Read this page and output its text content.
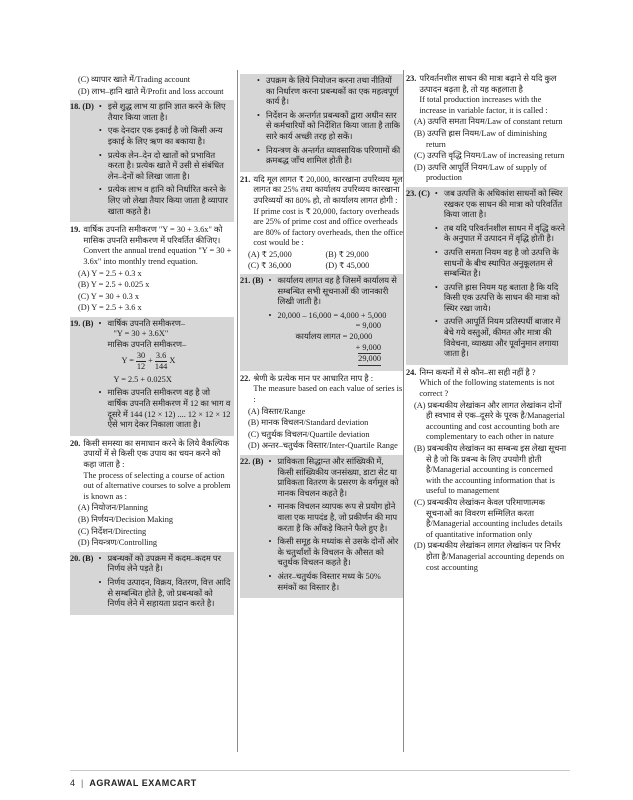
(C) व्यापार खाते में/Trading account
(D) लाभ–हानि खाते में/Profit and loss account
18. (D) • इसे शुद्ध लाभ या हानि ज्ञात करने के लिए तैयार किया जाता है।
• एक देनदार एक इकाई है जो किसी अन्य इकाई के लिए ऋण का बकाया है।
• प्रत्येक लेन–देन दो खातों को प्रभावित करता है। प्रत्येक खाते में उसी से संबंधित लेन–देनों को लिखा जाता है।
• प्रत्येक लाभ व हानि को निर्धारित करने के लिए जो लेखा तैयार किया जाता है व्यापार खाता कहते है।
19. वार्षिक उपनति समीकरण "Y = 30 + 3.6x" को मासिक उपनति समीकरण में परिवर्तित कीजिए।
Convert the annual trend equation "Y = 30 + 3.6x" into monthly trend equation.
(A) Y = 2.5 + 0.3 x
(B) Y = 2.5 + 0.025 x
(C) Y = 30 + 0.3 x
(D) Y = 2.5 + 3.6 x
19. (B) • वार्षिक उपनति समीकरण–
"Y = 30 + 3.6X"
मासिक उपनति समीकरण–
$Y = \frac{30}{12} + \frac{3.6}{144}$ X
Y = 2.5 + 0.025X
• मासिक उपनति समीकरण वह है जो वार्षिक उपनति समीकरण में 12 का भाग व दूसरे में 144 (12 × 12) .... 12 × 12 × 12 ऐसे भाग देकर निकाला जाता है।
20. किसी समस्या का समाधान करने के लिये वैकल्पिक उपायों में से किसी एक उपाय का चयन करने को कहा जाता है :
The process of selecting a course of action out of alternative courses to solve a problem is known as :
(A) नियोजन/Planning
(B) निर्णयन/Decision Making
(C) निर्देशन/Directing
(D) नियन्त्रण/Controlling
20. (B) • प्रबन्धकों को उपक्रम में कदम–कदम पर निर्णय लेने पड़ते है।
• निर्णय उत्पादन, विक्रय, वितरण, वित्त आदि से सम्बन्धित होते है, जो प्रबन्धकों को निर्णय लेने में सहायता प्रदान करते है।
• उपक्रम के लिये नियोजन करना तथा नीतियों का निर्धारण करना प्रबन्धकों का एक महत्वपूर्ण कार्य है।
• निर्देशन के अन्तर्गत प्रबन्धकों द्वारा अधीन स्तर से कर्मचारियों को निर्देशित किया जाता है ताकि सारे कार्य अच्छी तरह हो सकें।
• नियन्त्रण के अन्तर्गत व्यावसायिक परिणामों की क्रमबद्ध जाँच शामिल होती है।
21. यदि मूल लागत ₹ 20,000, कारखाना उपरिव्यय मूल लागत का 25% तथा कार्यालय उपरिव्यय कारखाना उपरिव्ययों का 80% हो, तो कार्यालय लागत होगी :
If prime cost is ₹ 20,000, factory overheads are 25% of prime cost and office overheads are 80% of factory overheads, then the office cost would be :
(A) ₹ 25,000	(B) ₹ 29,000
(C) ₹ 36,000	(D) ₹ 45,000
21. (B) • कार्यालय लागत वह है जिसमें कार्यालय से सम्बन्धित सभी सूचनाओं की जानकारी लिखी जाती है।
• 20,000 – 16,000 = 4,000 + 5,000
= 9,000
कार्यालय लागत = 20,000
+ 9,000
29,000
22. श्रेणी के प्रत्येक मान पर आधारित माप है :
The measure based on each value of series is :
(A) विस्तार/Range
(B) मानक विचलन/Standard deviation
(C) चतुर्थक विचलन/Quartile deviation
(D) अन्तर–चतुर्थक विस्तार/Inter-Quartile Range
22. (B) • प्राविकता सिद्धान्त और सांख्यिकी में, किसी सांख्यिकीय जनसंख्या, डाटा सेट या प्राविकता वितरण के प्रसरण के वर्गमूल को मानक विचलन कहते है।
• मानक विचलन व्यापक रूप से प्रयोग होने वाला एक मापदंड है, जो प्रकीर्णन की माप करता है कि आँकड़े कितने फैले हुए है।
• किसी समूह के मध्यांक से उसके दोनों ओर के चतुर्थांशों के विचलन के औसत को चतुर्थक विचलन कहते है।
• अंतर–चतुर्थक विस्तार मध्य के 50% समंकों का विस्तार है।
23. परिवर्तनशील साधन की मात्रा बढ़ाने से यदि कुल उत्पादन बढ़ता है, तो यह कहलाता है
If total production increases with the increase in variable factor, it is called :
(A) उत्पत्ति समता नियम/Law of constant return
(B) उत्पत्ति ह्रास नियम/Law of diminishing return
(C) उत्पत्ति वृद्धि नियम/Law of increasing return
(D) उत्पत्ति आपूर्ति नियम/Law of supply of production
23. (C) • जब उत्पत्ति के अधिकांश साधनों को स्थिर रखकर एक साधन की मात्रा को परिवर्तित किया जाता है।
• तब यदि परिवर्तनशील साधन में वृद्धि करने के अनुपात में उत्पादन में वृद्धि होती है।
• उत्पत्ति समता नियम वह है जो उत्पत्ति के साधनों के बीच स्थापित अनुकूलतम से सम्बन्धित है।
• उत्पत्ति ह्रास नियम यह बताता है कि यदि किसी एक उत्पत्ति के साधन की मात्रा को स्थिर रखा जाये।
• उत्पत्ति आपूर्ति नियम प्रतिस्पर्धी बाजार में बेचे गये वस्तुओं, कीमत और मात्रा की विवेचना, व्याख्या और पूर्वानुमान लगाया जाता है।
24. निम्न कथनों में से कौन–सा सही नहीं है ?
Which of the following statements is not correct ?
(A) प्रबन्धकीय लेखांकन और लागत लेखांकन दोनों ही स्वभाव से एक–दूसरे के पूरक है/Managerial accounting and cost accounting both are complementary to each other in nature
(B) प्रबन्धकीय लेखांकन का सम्बन्ध इस लेखा सूचना से है जो कि प्रबन्ध के लिए उपयोगी होती है/Managerial accounting is concerned with the accounting information that is useful to management
(C) प्रबन्धकीय लेखांकन केवल परिमाणात्मक सूचनाओं का विवरण सम्मिलित करता है/Managerial accounting includes details of quantitative information only
(D) प्रबन्धकीय लेखांकन लागत लेखांकन पर निर्भर होता है/Managerial accounting depends on cost accounting
4 | AGRAWAL EXAMCART
